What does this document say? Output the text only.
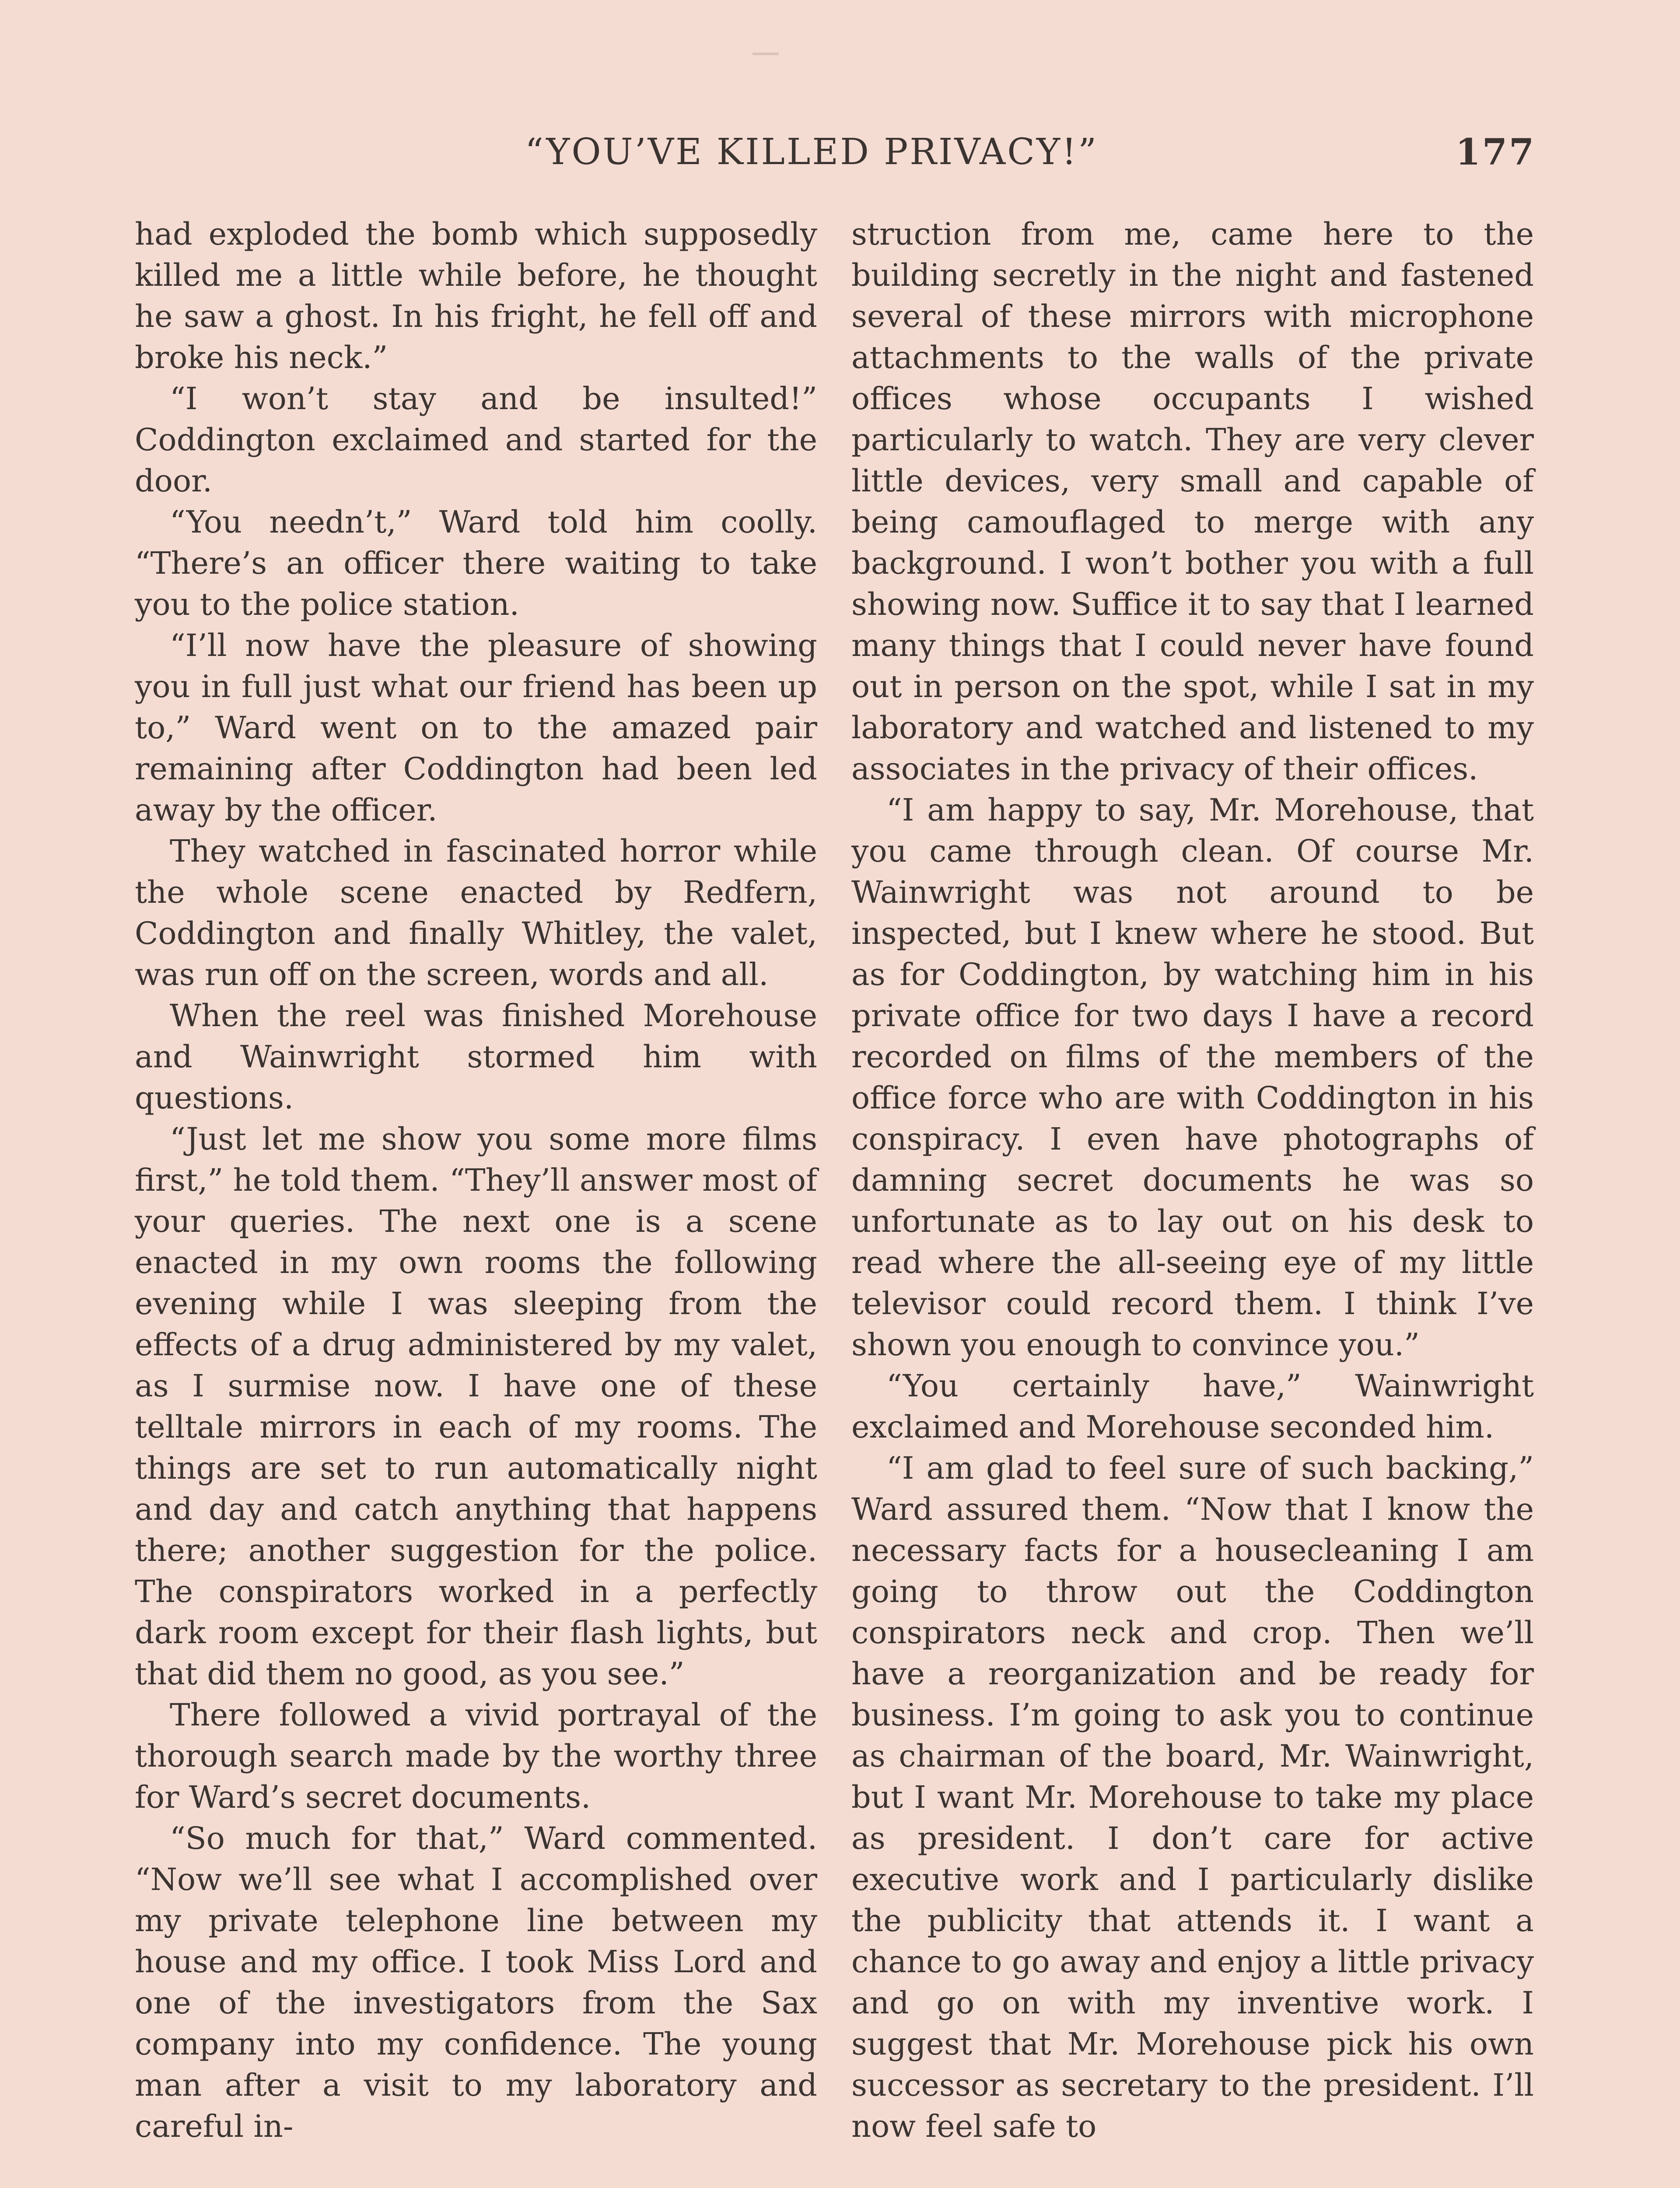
“YOU’VE KILLED PRIVACY!”	177

had exploded the bomb which supposedly killed me a little while before, he thought he saw a ghost. In his fright, he fell off and broke his neck.”

“I won’t stay and be insulted!” Coddington exclaimed and started for the door.

“You needn’t,” Ward told him coolly. “There’s an officer there waiting to take you to the police station.

“I’ll now have the pleasure of showing you in full just what our friend has been up to,” Ward went on to the amazed pair remaining after Coddington had been led away by the officer.

They watched in fascinated horror while the whole scene enacted by Redfern, Coddington and finally Whitley, the valet, was run off on the screen, words and all.

When the reel was finished Morehouse and Wainwright stormed him with questions.

“Just let me show you some more films first,” he told them. “They’ll answer most of your queries. The next one is a scene enacted in my own rooms the following evening while I was sleeping from the effects of a drug administered by my valet, as I surmise now. I have one of these telltale mirrors in each of my rooms. The things are set to run automatically night and day and catch anything that happens there; another suggestion for the police. The conspirators worked in a perfectly dark room except for their flash lights, but that did them no good, as you see.”

There followed a vivid portrayal of the thorough search made by the worthy three for Ward’s secret documents.

“So much for that,” Ward commented. “Now we’ll see what I accomplished over my private telephone line between my house and my office. I took Miss Lord and one of the investigators from the Sax company into my confidence. The young man after a visit to my laboratory and careful in-

struction from me, came here to the building secretly in the night and fastened several of these mirrors with microphone attachments to the walls of the private offices whose occupants I wished particularly to watch. They are very clever little devices, very small and capable of being camouflaged to merge with any background. I won’t bother you with a full showing now. Suffice it to say that I learned many things that I could never have found out in person on the spot, while I sat in my laboratory and watched and listened to my associates in the privacy of their offices.

“I am happy to say, Mr. Morehouse, that you came through clean. Of course Mr. Wainwright was not around to be inspected, but I knew where he stood. But as for Coddington, by watching him in his private office for two days I have a record recorded on films of the members of the office force who are with Coddington in his conspiracy. I even have photographs of damning secret documents he was so unfortunate as to lay out on his desk to read where the all-seeing eye of my little televisor could record them. I think I’ve shown you enough to convince you.”

“You certainly have,” Wainwright exclaimed and Morehouse seconded him.

“I am glad to feel sure of such backing,” Ward assured them. “Now that I know the necessary facts for a housecleaning I am going to throw out the Coddington conspirators neck and crop. Then we’ll have a reorganization and be ready for business. I’m going to ask you to continue as chairman of the board, Mr. Wainwright, but I want Mr. Morehouse to take my place as president. I don’t care for active executive work and I particularly dislike the publicity that attends it. I want a chance to go away and enjoy a little privacy and go on with my inventive work. I suggest that Mr. Morehouse pick his own successor as secretary to the president. I’ll now feel safe to
